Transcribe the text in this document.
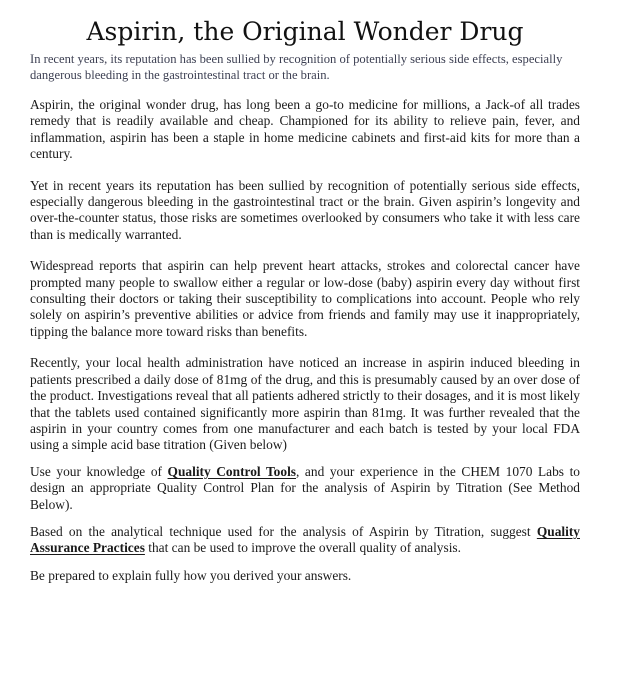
Aspirin, the Original Wonder Drug

In recent years, its reputation has been sullied by recognition of potentially serious side effects, especially dangerous bleeding in the gastrointestinal tract or the brain.

Aspirin, the original wonder drug, has long been a go-to medicine for millions, a Jack-of all trades remedy that is readily available and cheap. Championed for its ability to relieve pain, fever, and inflammation, aspirin has been a staple in home medicine cabinets and first-aid kits for more than a century.

Yet in recent years its reputation has been sullied by recognition of potentially serious side effects, especially dangerous bleeding in the gastrointestinal tract or the brain. Given aspirin’s longevity and over-the-counter status, those risks are sometimes overlooked by consumers who take it with less care than is medically warranted.

Widespread reports that aspirin can help prevent heart attacks, strokes and colorectal cancer have prompted many people to swallow either a regular or low-dose (baby) aspirin every day without first consulting their doctors or taking their susceptibility to complications into account. People who rely solely on aspirin’s preventive abilities or advice from friends and family may use it inappropriately, tipping the balance more toward risks than benefits.

Recently, your local health administration have noticed an increase in aspirin induced bleeding in patients prescribed a daily dose of 81mg of the drug, and this is presumably caused by an over dose of the product. Investigations reveal that all patients adhered strictly to their dosages, and it is most likely that the tablets used contained significantly more aspirin than 81mg. It was further revealed that the aspirin in your country comes from one manufacturer and each batch is tested by your local FDA using a simple acid base titration (Given below)

Use your knowledge of Quality Control Tools, and your experience in the CHEM 1070 Labs to design an appropriate Quality Control Plan for the analysis of Aspirin by Titration (See Method Below).

Based on the analytical technique used for the analysis of Aspirin by Titration, suggest Quality Assurance Practices that can be used to improve the overall quality of analysis.

Be prepared to explain fully how you derived your answers.
